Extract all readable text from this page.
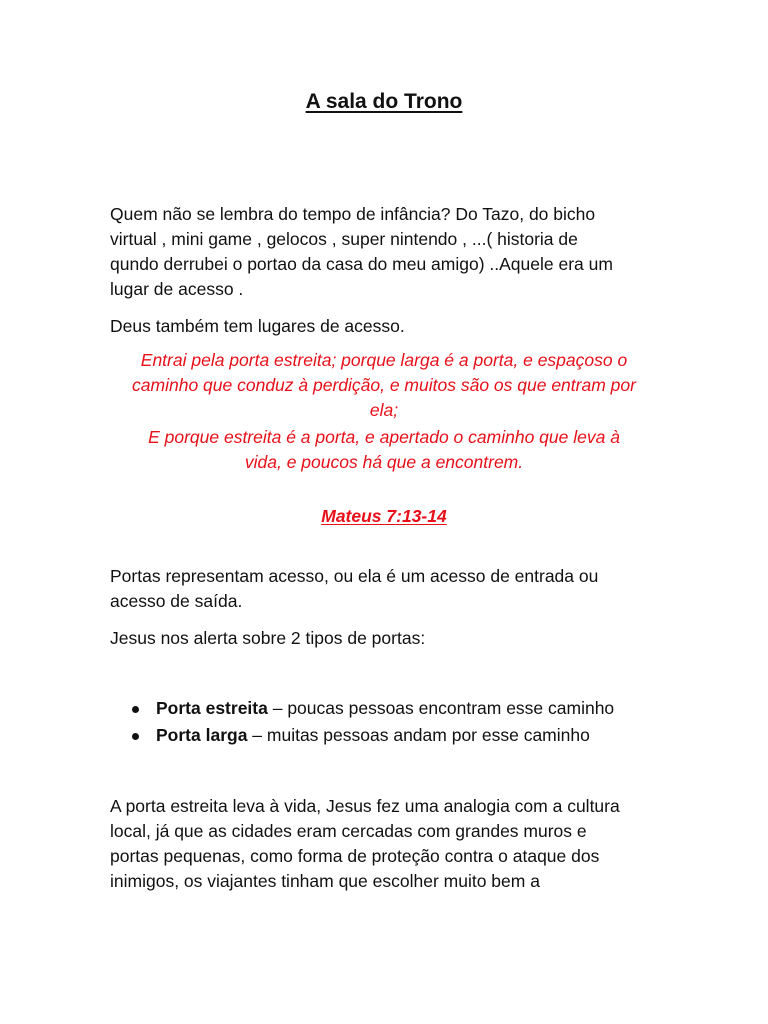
A sala do Trono

Quem não se lembra do tempo de infância? Do Tazo, do bicho

virtual , mini game , gelocos , super nintendo , ...( historia de

qundo derrubei o portao da casa do meu amigo) ..Aquele era um

lugar de acesso .

Deus também tem lugares de acesso.

Entrai pela porta estreita; porque larga é a porta, e espaçoso o

caminho que conduz à perdição, e muitos são os que entram por

ela;

E porque estreita é a porta, e apertado o caminho que leva à

vida, e poucos há que a encontrem.

Mateus 7:13-14

Portas representam acesso, ou ela é um acesso de entrada ou

acesso de saída.

Jesus nos alerta sobre 2 tipos de portas:

Porta estreita – poucas pessoas encontram esse caminho
Porta larga – muitas pessoas andam por esse caminho

A porta estreita leva à vida, Jesus fez uma analogia com a cultura

local, já que as cidades eram cercadas com grandes muros e

portas pequenas, como forma de proteção contra o ataque dos

inimigos, os viajantes tinham que escolher muito bem a
